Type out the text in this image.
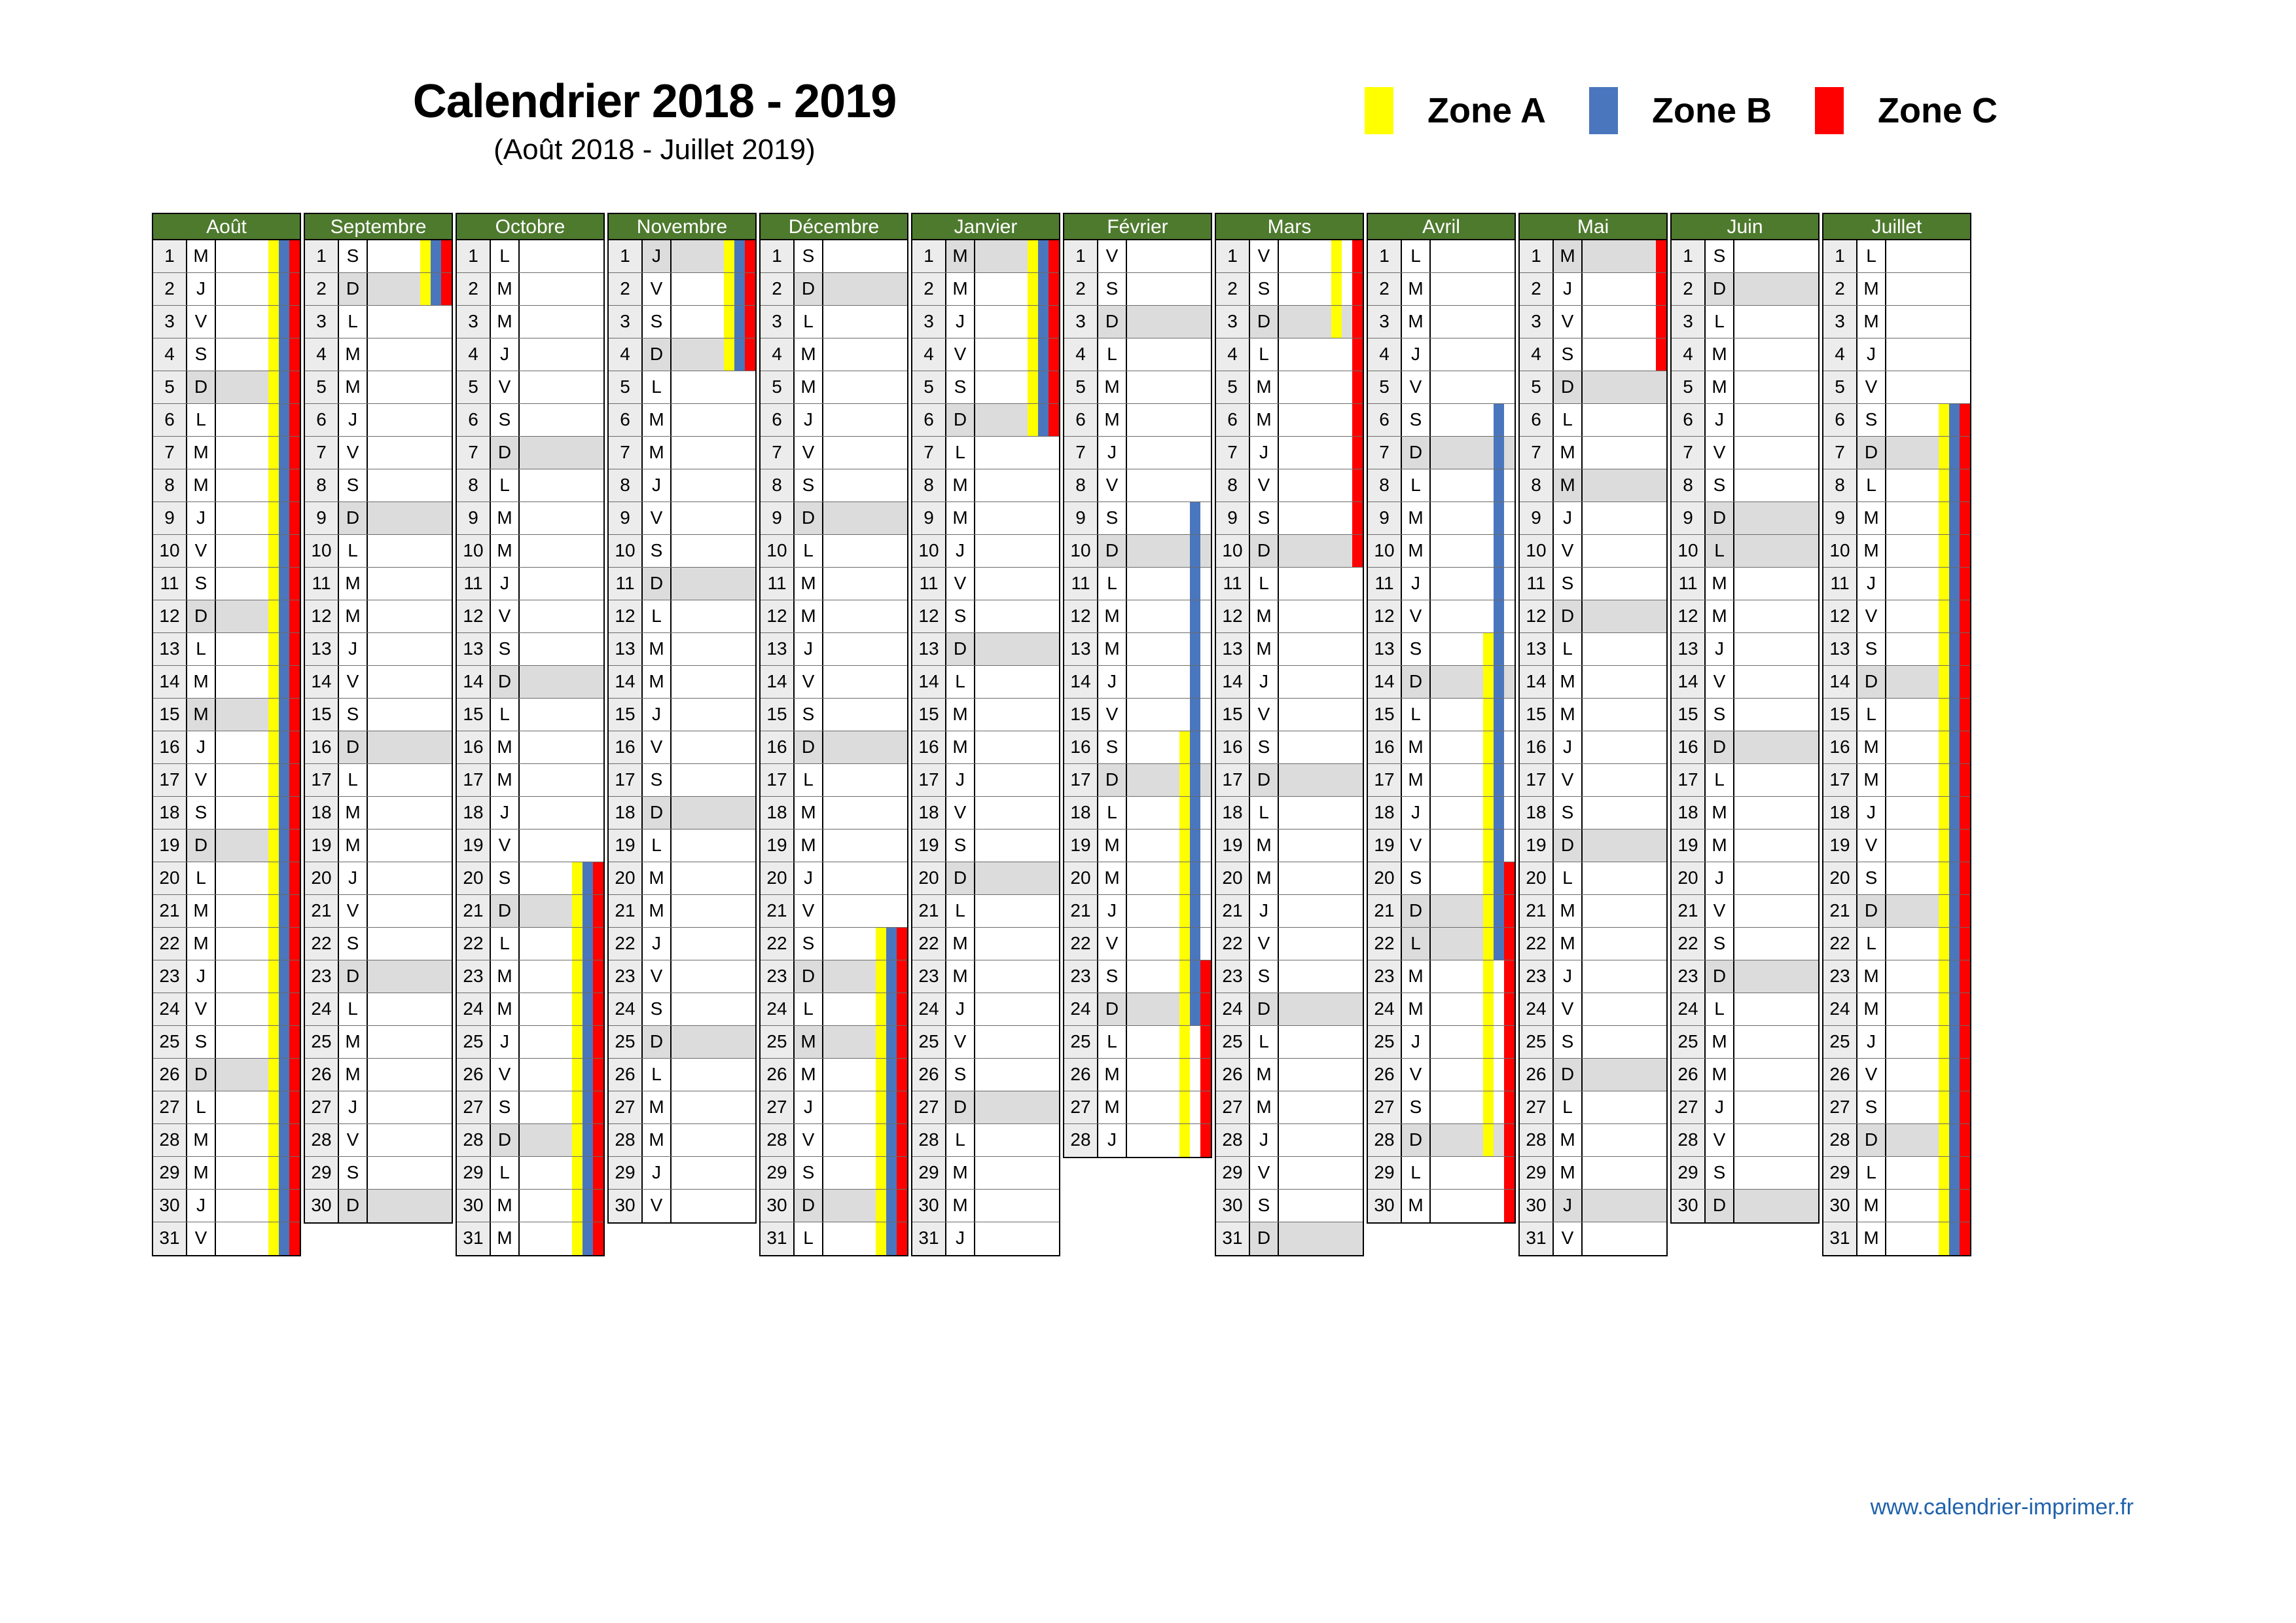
Calendrier 2018 - 2019
(Août 2018 - Juillet 2019)
Zone A	Zone B	Zone C
Août
1	M
2	J
3	V
4	S
5	D
6	L
7	M
8	M
9	J
10 V
11 S
12 D
13 L
14 M
15 M
16 J
17 V
18 S
19 D
20 L
21 M
22 M
23 J
24 V
25 S
26 D
27 L
28 M
29 M
30 J
31 V
Septembre
1	S
2	D
3	L
4	M
5	M
6	J
7	V
8	S
9	D
10 L
11 M
12 M
13 J
14 V
15 S
16 D
17 L
18 M
19 M
20 J
21 V
22 S
23 D
24 L
25 M
26 M
27 J
28 V
29 S
30 D
Octobre
1	L
2	M
3	M
4	J
5	V
6	S
7	D
8	L
9	M
10 M
11 J
12 V
13 S
14 D
15 L
16 M
17 M
18 J
19 V
20 S
21 D
22 L
23 M
24 M
25 J
26 V
27 S
28 D
29 L
30 M
31 M
Novembre
1	J
2	V
3	S
4	D
5	L
6	M
7	M
8	J
9	V
10 S
11 D
12 L
13 M
14 M
15 J
16 V
17 S
18 D
19 L
20 M
21 M
22 J
23 V
24 S
25 D
26 L
27 M
28 M
29 J
30 V
Décembre
1	S
2	D
3	L
4	M
5	M
6	J
7	V
8	S
9	D
10 L
11 M
12 M
13 J
14 V
15 S
16 D
17 L
18 M
19 M
20 J
21 V
22 S
23 D
24 L
25 M
26 M
27 J
28 V
29 S
30 D
31 L
Janvier
1	M
2	M
3	J
4	V
5	S
6	D
7	L
8	M
9	M
10 J
11 V
12 S
13 D
14 L
15 M
16 M
17 J
18 V
19 S
20 D
21 L
22 M
23 M
24 J
25 V
26 S
27 D
28 L
29 M
30 M
31 J
Février
1	V
2	S
3	D
4	L
5	M
6	M
7	J
8	V
9	S
10 D
11 L
12 M
13 M
14 J
15 V
16 S
17 D
18 L
19 M
20 M
21 J
22 V
23 S
24 D
25 L
26 M
27 M
28 J
Mars
1	V
2	S
3	D
4	L
5	M
6	M
7	J
8	V
9	S
10 D
11 L
12 M
13 M
14 J
15 V
16 S
17 D
18 L
19 M
20 M
21 J
22 V
23 S
24 D
25 L
26 M
27 M
28 J
29 V
30 S
31 D
Avril
1	L
2	M
3	M
4	J
5	V
6	S
7	D
8	L
9	M
10 M
11 J
12 V
13 S
14 D
15 L
16 M
17 M
18 J
19 V
20 S
21 D
22 L
23 M
24 M
25 J
26 V
27 S
28 D
29 L
30 M
Mai
1	M
2	J
3	V
4	S
5	D
6	L
7	M
8	M
9	J
10 V
11 S
12 D
13 L
14 M
15 M
16 J
17 V
18 S
19 D
20 L
21 M
22 M
23 J
24 V
25 S
26 D
27 L
28 M
29 M
30 J
31 V
Juin
1	S
2	D
3	L
4	M
5	M
6	J
7	V
8	S
9	D
10 L
11 M
12 M
13 J
14 V
15 S
16 D
17 L
18 M
19 M
20 J
21 V
22 S
23 D
24 L
25 M
26 M
27 J
28 V
29 S
30 D
Juillet
1	L
2	M
3	M
4	J
5	V
6	S
7	D
8	L
9	M
10 M
11 J
12 V
13 S
14 D
15 L
16 M
17 M
18 J
19 V
20 S
21 D
22 L
23 M
24 M
25 J
26 V
27 S
28 D
29 L
30 M
31 M
www.calendrier-imprimer.fr
